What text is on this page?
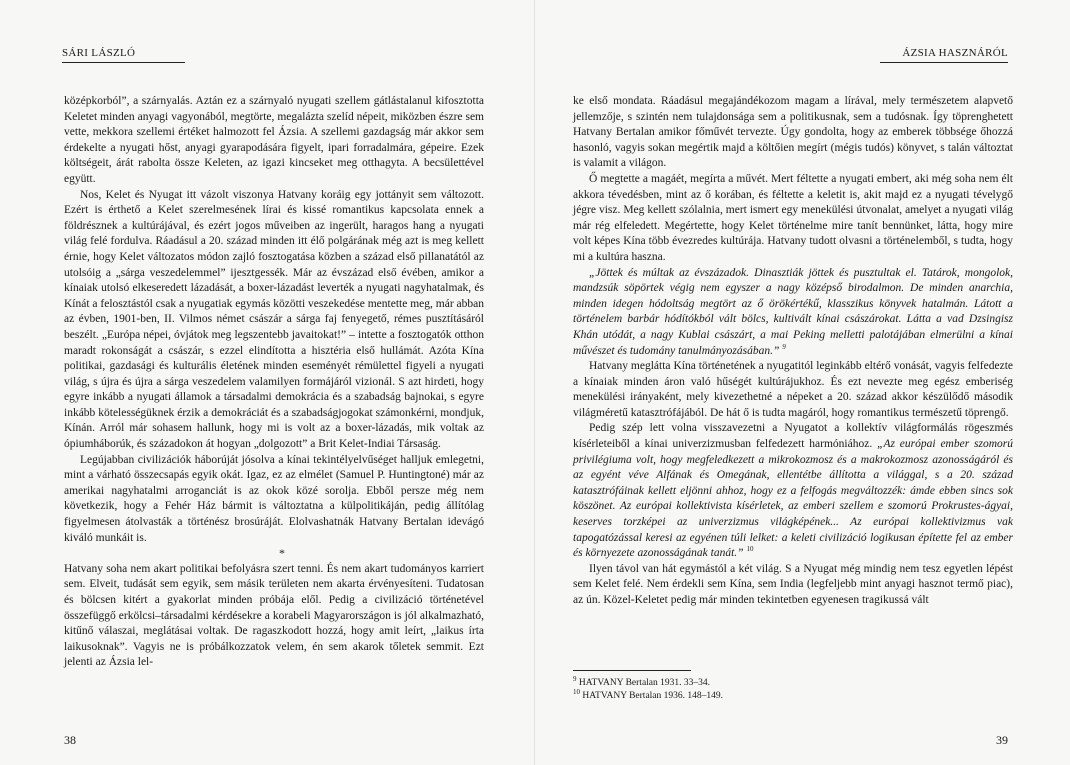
SÁRI LÁSZLÓ

középkorból”, a szárnyalás. Aztán ez a szárnyaló nyugati szellem gátlástalanul kifosztotta Keletet minden anyagi vagyonából, megtörte, megalázta szelíd népeit, miközben észre sem vette, mekkora szellemi értéket halmozott fel Ázsia. A szellemi gazdagság már akkor sem érdekelte a nyugati hőst, anyagi gyarapodására figyelt, ipari forradalmára, gépeire. Ezek költségeit, árát rabolta össze Keleten, az igazi kincseket meg otthagyta. A becsülettével együtt.

Nos, Kelet és Nyugat itt vázolt viszonya Hatvany koráig egy jottányit sem változott. Ezért is érthető a Kelet szerelmesének lírai és kissé romantikus kapcsolata ennek a földrésznek a kultúrájával, és ezért jogos műveiben az ingerült, haragos hang a nyugati világ felé fordulva. Ráadásul a 20. század minden itt élő polgárának még azt is meg kellett érnie, hogy Kelet változatos módon zajló fosztogatása közben a század első pillanatától az utolsóig a „sárga veszedelemmel” ijesztgessék. Már az évszázad első évében, amikor a kínaiak utolsó elkeseredett lázadását, a boxer-lázadást leverték a nyugati nagyhatalmak, és Kínát a felosztástól csak a nyugatiak egymás közötti veszekedése mentette meg, már abban az évben, 1901-ben, II. Vilmos német császár a sárga faj fenyegető, rémes pusztításáról beszélt. „Európa népei, óvjátok meg legszentebb javaitokat!” – intette a fosztogatók otthon maradt rokonságát a császár, s ezzel elindította a hisztéria első hullámát. Azóta Kína politikai, gazdasági és kulturális életének minden eseményét rémülettel figyeli a nyugati világ, s újra és újra a sárga veszedelem valamilyen formájáról vizionál. S azt hirdeti, hogy egyre inkább a nyugati államok a társadalmi demokrácia és a szabadság bajnokai, s egyre inkább kötelességüknek érzik a demokráciát és a szabadságjogokat számonkérni, mondjuk, Kínán. Arról már sohasem hallunk, hogy mi is volt az a boxer-lázadás, mik voltak az ópiumháborúk, és századokon át hogyan „dolgozott” a Brit Kelet-Indiai Társaság.

Legújabban civilizációk háborúját jósolva a kínai tekintélyelvűséget halljuk emlegetni, mint a várható összecsapás egyik okát. Igaz, ez az elmélet (Samuel P. Huntingtoné) már az amerikai nagyhatalmi arroganciát is az okok közé sorolja. Ebből persze még nem következik, hogy a Fehér Ház bármit is változtatna a külpolitikáján, pedig állítólag figyelmesen átolvasták a történész brosúráját. Elolvashatnák Hatvany Bertalan idevágó kiváló munkáit is.

*

Hatvany soha nem akart politikai befolyásra szert tenni. És nem akart tudományos karriert sem. Elveit, tudását sem egyik, sem másik területen nem akarta érvényesíteni. Tudatosan és bölcsen kitért a gyakorlat minden próbája elől. Pedig a civilizáció történetével összefüggő erkölcsi–társadalmi kérdésekre a korabeli Magyarországon is jól alkalmazható, kitűnő válaszai, meglátásai voltak. De ragaszkodott hozzá, hogy amit leírt, „laikus írta laikusoknak”. Vagyis ne is próbálkozzatok velem, én sem akarok tőletek semmit. Ezt jelenti az Ázsia lel-

38
ÁZSIA HASZNÁRÓL

ke első mondata. Ráadásul megajándékozom magam a lírával, mely természetem alapvető jellemzője, s szintén nem tulajdonsága sem a politikusnak, sem a tudósnak. Így töprenghetett Hatvany Bertalan amikor főművét tervezte. Úgy gondolta, hogy az emberek többsége őhozzá hasonló, vagyis sokan megértik majd a költőien megírt (mégis tudós) könyvet, s talán változtat is valamit a világon.

Ő megtette a magáét, megírta a művét. Mert féltette a nyugati embert, aki még soha nem élt akkora tévedésben, mint az ő korában, és féltette a keletit is, akit majd ez a nyugati tévelygő jégre visz. Meg kellett szólalnia, mert ismert egy menekülési útvonalat, amelyet a nyugati világ már rég elfeledett. Megértette, hogy Kelet történelme mire tanít bennünket, látta, hogy mire volt képes Kína több évezredes kultúrája. Hatvany tudott olvasni a történelemből, s tudta, hogy mi a kultúra haszna.

„Jöttek és múltak az évszázadok. Dinasztiák jöttek és pusztultak el. Tatárok, mongolok, mandzsúk söpörtek végig nem egyszer a nagy középső birodalmon. De minden anarchia, minden idegen hódoltság megtört az ő örökértékű, klasszikus könyvek hatalmán. Látott a történelem barbár hódítókból vált bölcs, kultivált kínai császárokat. Látta a vad Dzsingisz Khán utódát, a nagy Kublai császárt, a mai Peking melletti palotájában elmerülni a kínai művészet és tudomány tanulmányozásában.” $^9$

Hatvany meglátta Kína történetének a nyugatitól leginkább eltérő vonását, vagyis felfedezte a kínaiak minden áron való hűségét kultúrájukhoz. És ezt nevezte meg egész emberiség menekülési irányaként, mely kivezethetné a népeket a 20. század akkor készülődő második világméretű katasztrófájából. De hát ő is tudta magáról, hogy romantikus természetű töprengő.

Pedig szép lett volna visszavezetni a Nyugatot a kollektív világformálás rögeszmés kísérleteiből a kínai univerzizmusban felfedezett harmóniához. „Az európai ember szomorú privilégiuma volt, hogy megfeledkezett a mikrokozmosz és a makrokozmosz azonosságáról és az egyént véve Alfának és Omegának, ellentétbe állította a világgal, s a 20. század katasztrófáinak kellett eljönni ahhoz, hogy ez a felfogás megváltozzék: ámde ebben sincs sok köszönet. Az európai kollektivista kísérletek, az emberi szellem e szomorú Prokrustes-ágyai, keserves torzképei az univerzizmus világképének... Az európai kollektivizmus vak tapogatózással keresi az egyénen túli lelket: a keleti civilizáció logikusan építette fel az ember és környezete azonosságának tanát.” $^{10}$

Ilyen távol van hát egymástól a két világ. S a Nyugat még mindig nem tesz egyetlen lépést sem Kelet felé. Nem érdekli sem Kína, sem India (legfeljebb mint anyagi hasznot termő piac), az ún. Közel-Keletet pedig már minden tekintetben egyenesen tragikussá vált

$^9$ HATVANY Bertalan 1931. 33–34.
$^{10}$ HATVANY Bertalan 1936. 148–149.
39
